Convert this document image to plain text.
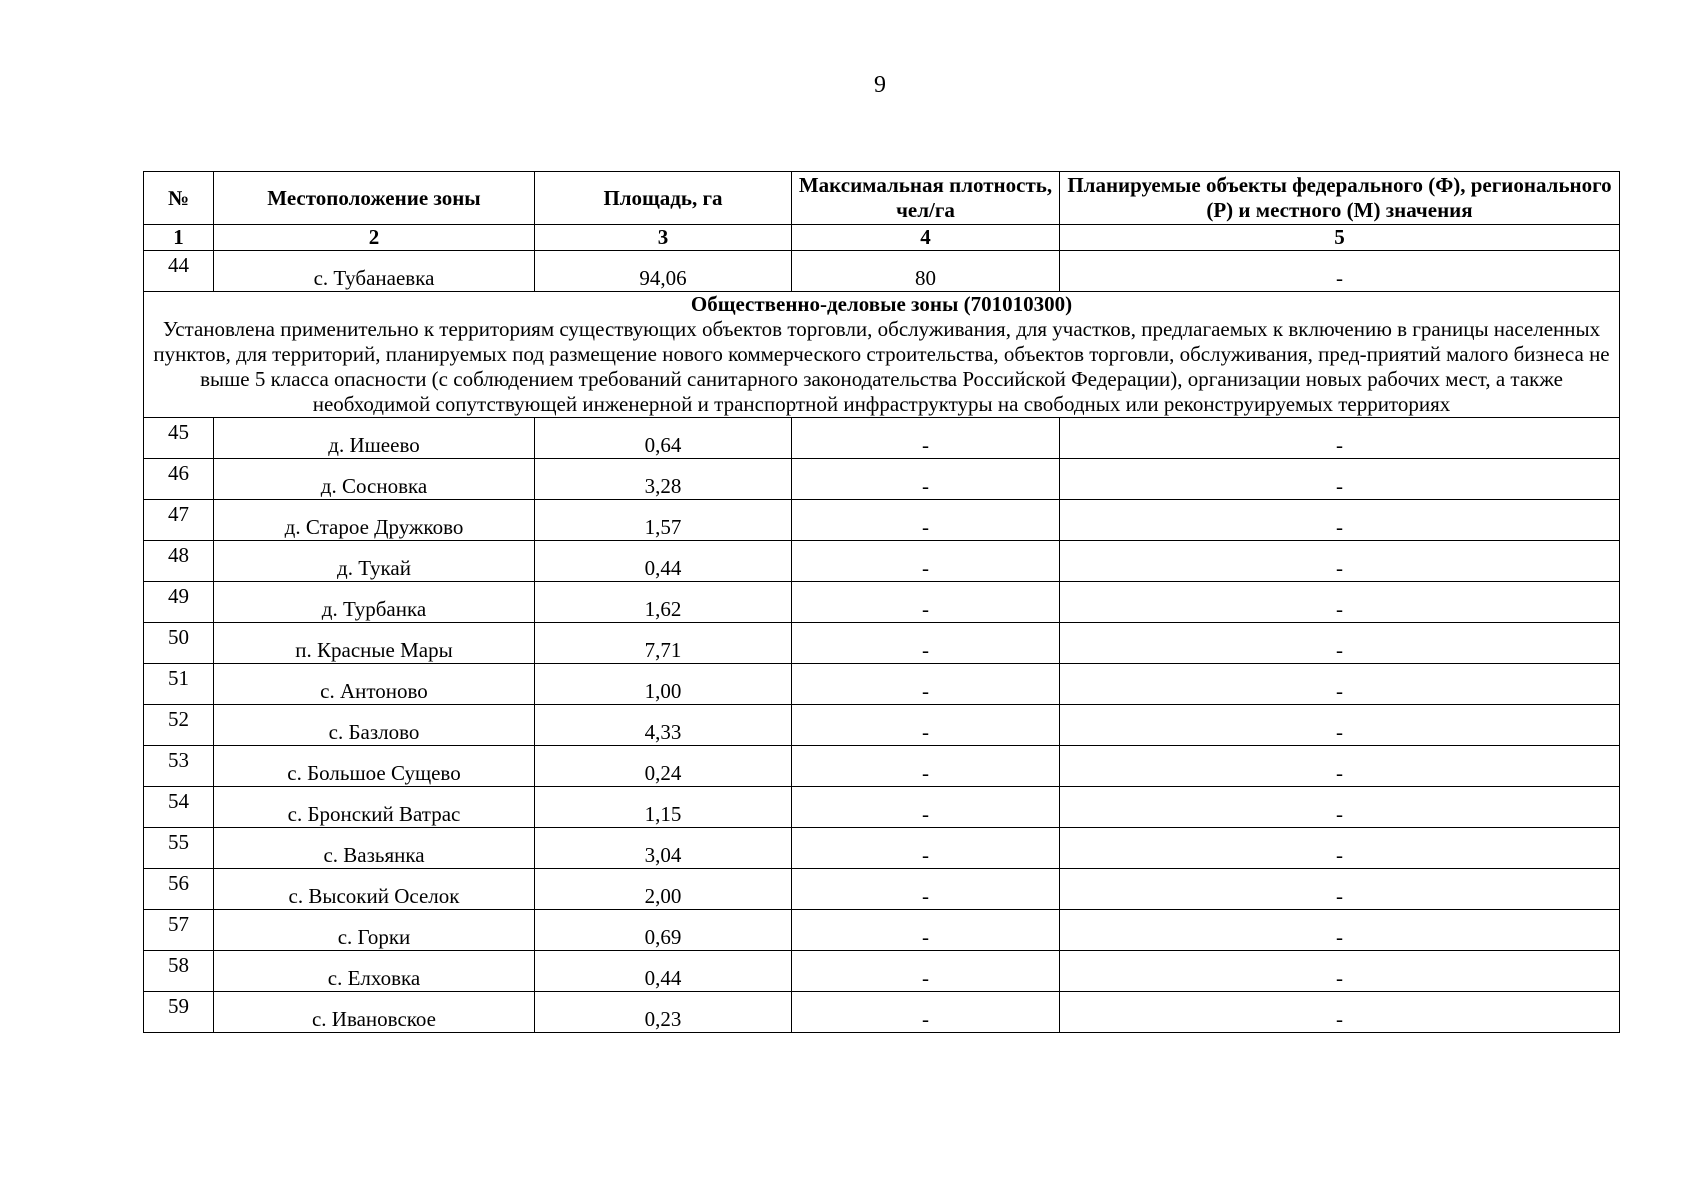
9
№	Местоположение зоны	Площадь, га	Максимальная плотность, чел/га	Планируемые объекты федерального (Ф), регионального (Р) и местного (М) значения
1	2	3	4	5
44	с. Тубанаевка	94,06	80	-
Общественно-деловые зоны (701010300)
Установлена применительно к территориям существующих объектов торговли, обслуживания, для участков, предлагаемых к включению в границы населенных пунктов, для территорий, планируемых под размещение нового коммерческого строительства, объектов торговли, обслуживания, пред-приятий малого бизнеса не выше 5 класса опасности (с соблюдением требований санитарного законодательства Российской Федерации), организации новых рабочих мест, а также необходимой сопутствующей инженерной и транспортной инфраструктуры на свободных или реконструируемых территориях				

45	д. Ишеево	0,64	-	-
46	д. Сосновка	3,28	-	-
47	д. Старое Дружково	1,57	-	-
48	д. Тукай	0,44	-	-
49	д. Турбанка	1,62	-	-
50	п. Красные Мары	7,71	-	-
51	с. Антоново	1,00	-	-
52	с. Базлово	4,33	-	-
53	с. Большое Сущево	0,24	-	-
54	с. Бронский Ватрас	1,15	-	-
55	с. Вазьянка	3,04	-	-
56	с. Высокий Оселок	2,00	-	-
57	с. Горки	0,69	-	-
58	с. Елховка	0,44	-	-
59	с. Ивановское	0,23	-	-
